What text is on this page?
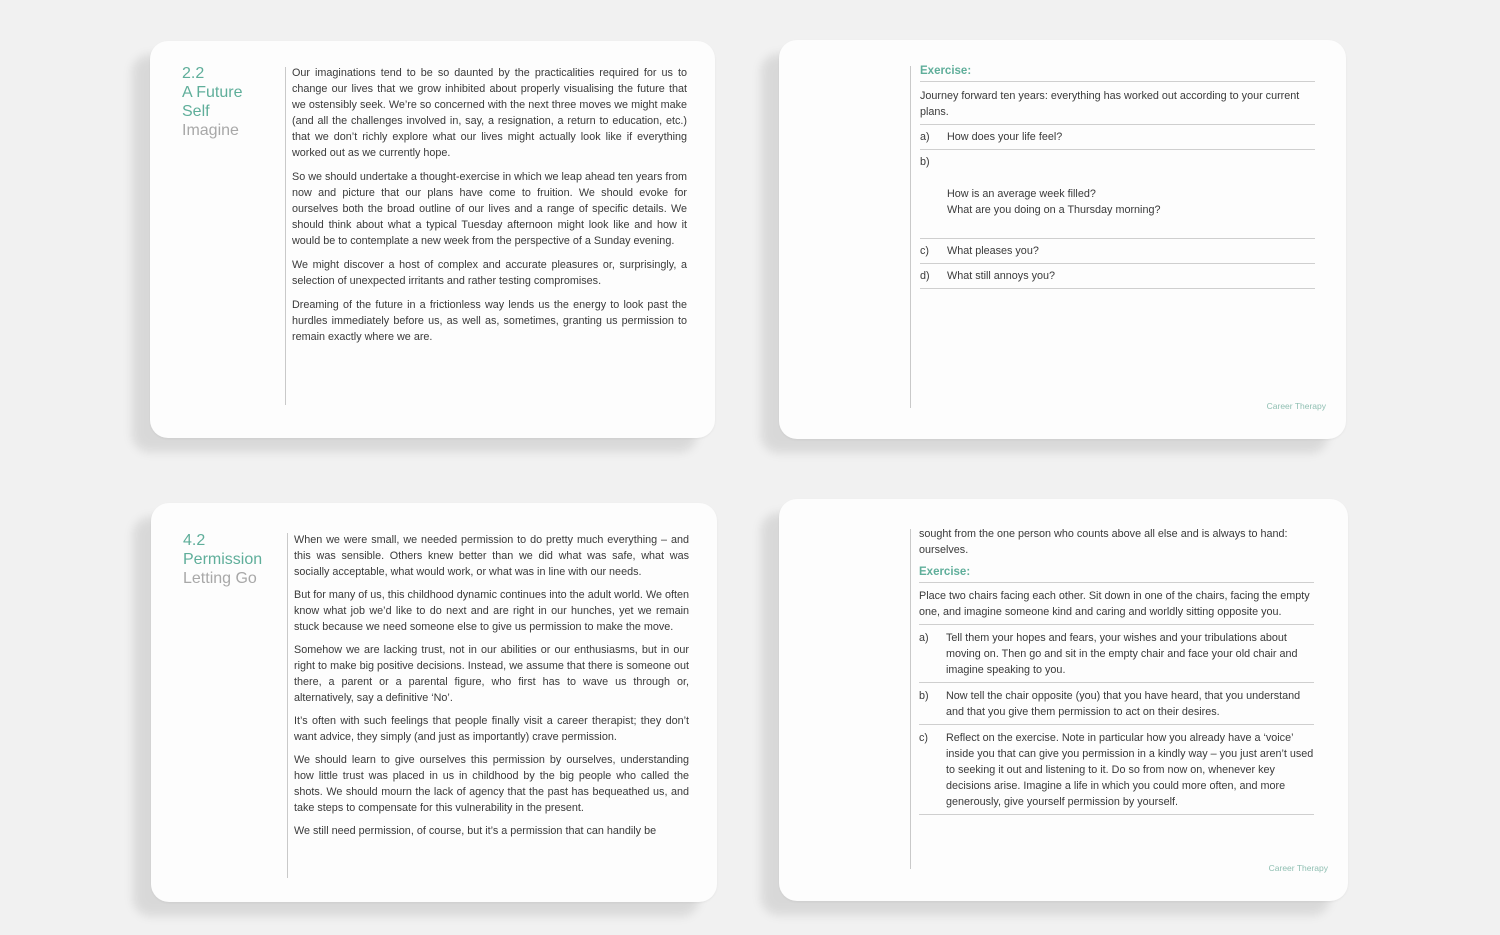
2.2
A Future Self
Imagine

Our imaginations tend to be so daunted by the practicalities required for us to change our lives that we grow inhibited about properly visualising the future that we ostensibly seek. We’re so concerned with the next three moves we might make (and all the challenges involved in, say, a resignation, a return to education, etc.) that we don’t richly explore what our lives might actually look like if everything worked out as we currently hope.

So we should undertake a thought-exercise in which we leap ahead ten years from now and picture that our plans have come to fruition. We should evoke for ourselves both the broad outline of our lives and a range of specific details. We should think about what a typical Tuesday afternoon might look like and how it would be to contemplate a new week from the perspective of a Sunday evening.

We might discover a host of complex and accurate pleasures or, surprisingly, a selection of unexpected irritants and rather testing compromises.

Dreaming of the future in a frictionless way lends us the energy to look past the hurdles immediately before us, as well as, sometimes, granting us permission to remain exactly where we are.

Exercise:
Journey forward ten years: everything has worked out according to your current plans.
a) How does your life feel?

b)

How is an average week filled?
What are you doing on a Thursday morning?

c) What pleases you?
d) What still annoys you?
Career Therapy
4.2
Permission
Letting Go

When we were small, we needed permission to do pretty much everything – and this was sensible. Others knew better than we did what was safe, what was socially acceptable, what would work, or what was in line with our needs.

But for many of us, this childhood dynamic continues into the adult world. We often know what job we’d like to do next and are right in our hunches, yet we remain stuck because we need someone else to give us permission to make the move.

Somehow we are lacking trust, not in our abilities or our enthusiasms, but in our right to make big positive decisions. Instead, we assume that there is someone out there, a parent or a parental figure, who first has to wave us through or, alternatively, say a definitive ‘No’.

It’s often with such feelings that people finally visit a career therapist; they don’t want advice, they simply (and just as importantly) crave permission.

We should learn to give ourselves this permission by ourselves, understanding how little trust was placed in us in childhood by the big people who called the shots. We should mourn the lack of agency that the past has bequeathed us, and take steps to compensate for this vulnerability in the present.

We still need permission, of course, but it’s a permission that can handily be

sought from the one person who counts above all else and is always to hand: ourselves.
Exercise:
Place two chairs facing each other. Sit down in one of the chairs, facing the empty one, and imagine someone kind and caring and worldly sitting opposite you.
a) Tell them your hopes and fears, your wishes and your tribulations about moving on. Then go and sit in the empty chair and face your old chair and imagine speaking to you.
b) Now tell the chair opposite (you) that you have heard, that you understand and that you give them permission to act on their desires.
c) Reflect on the exercise. Note in particular how you already have a ‘voice’ inside you that can give you permission in a kindly way – you just aren’t used to seeking it out and listening to it. Do so from now on, whenever key decisions arise. Imagine a life in which you could more often, and more generously, give yourself permission by yourself.
Career Therapy
